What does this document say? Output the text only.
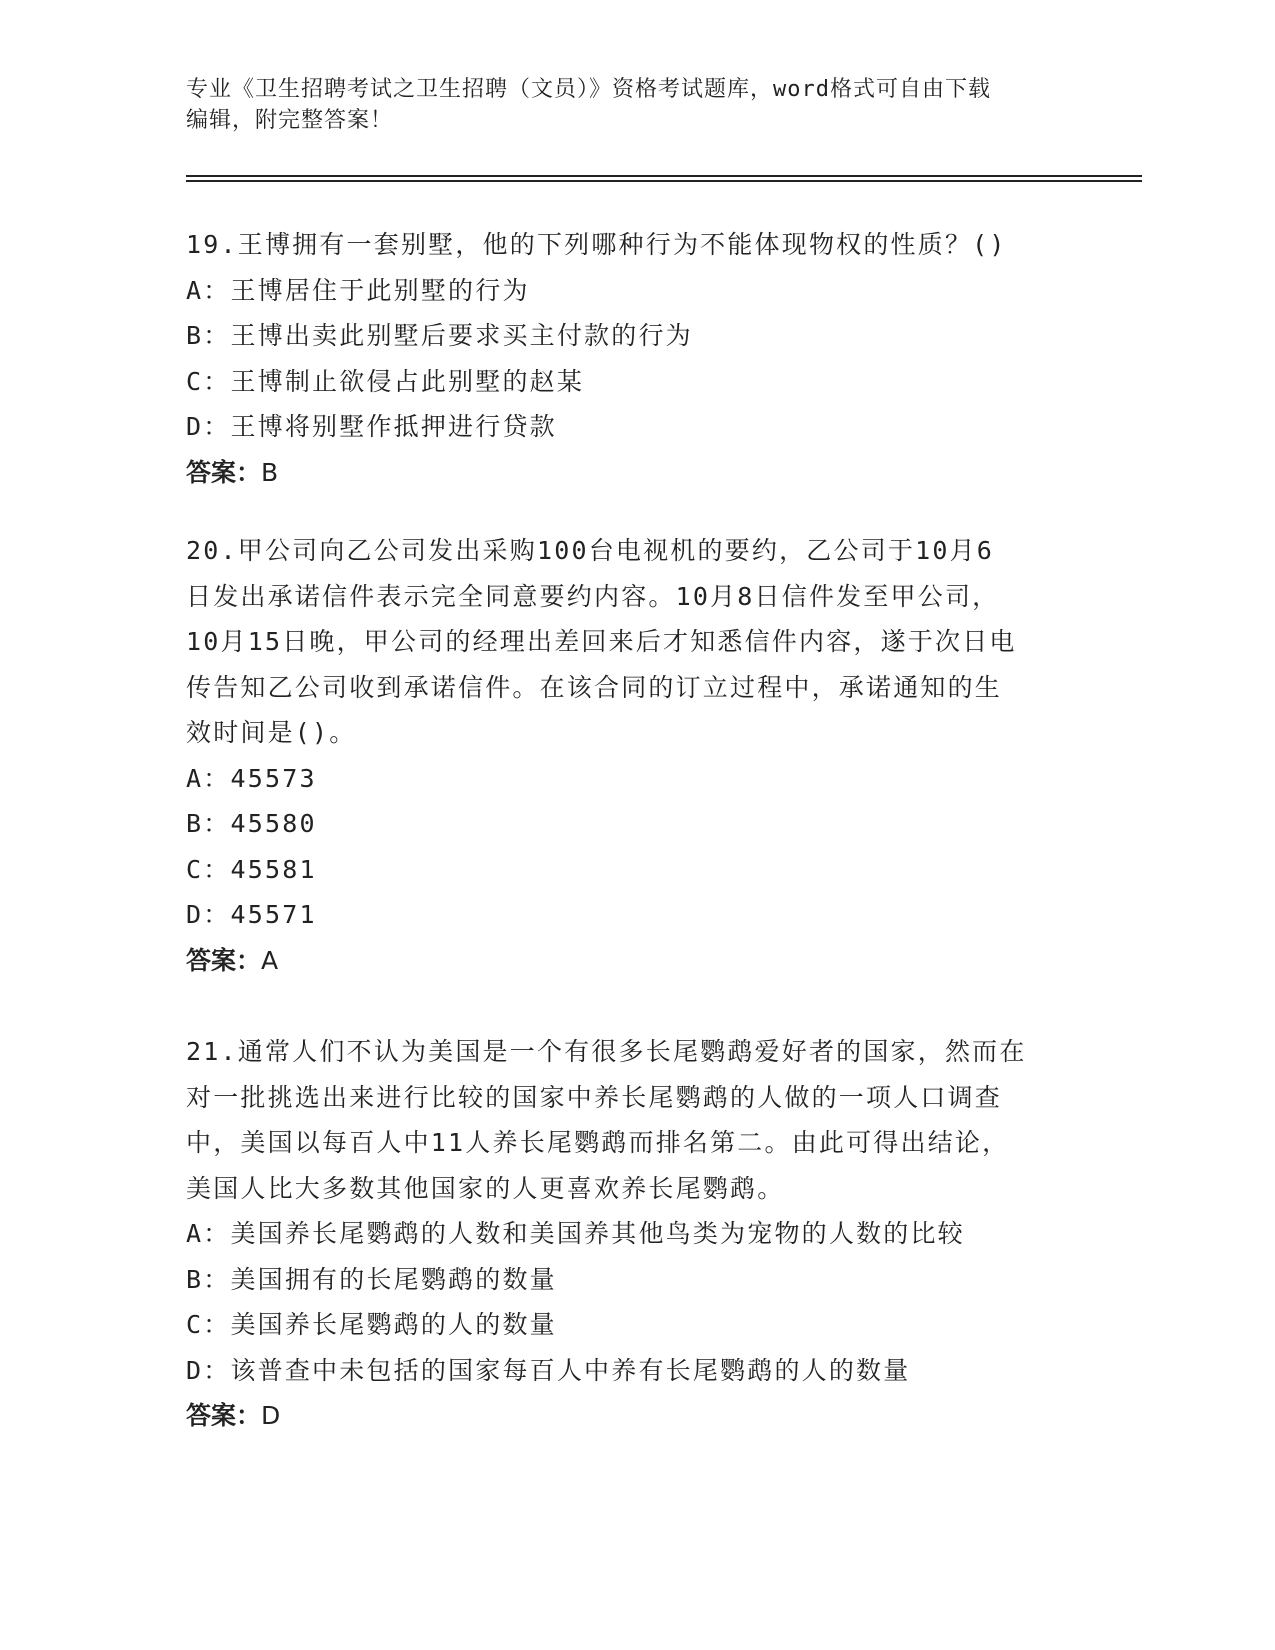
专业《卫生招聘考试之卫生招聘（文员）》资格考试题库，word格式可自由下载
编辑，附完整答案！
19.王博拥有一套别墅，他的下列哪种行为不能体现物权的性质？()
A：王博居住于此别墅的行为
B：王博出卖此别墅后要求买主付款的行为
C：王博制止欲侵占此别墅的赵某
D：王博将别墅作抵押进行贷款
答案：B
20.甲公司向乙公司发出采购100台电视机的要约，乙公司于10月6
日发出承诺信件表示完全同意要约内容。10月8日信件发至甲公司，
10月15日晚，甲公司的经理出差回来后才知悉信件内容，遂于次日电
传告知乙公司收到承诺信件。在该合同的订立过程中，承诺通知的生
效时间是()。
A：45573
B：45580
C：45581
D：45571
答案：A
21.通常人们不认为美国是一个有很多长尾鹦鹉爱好者的国家，然而在
对一批挑选出来进行比较的国家中养长尾鹦鹉的人做的一项人口调查
中，美国以每百人中11人养长尾鹦鹉而排名第二。由此可得出结论，
美国人比大多数其他国家的人更喜欢养长尾鹦鹉。
A：美国养长尾鹦鹉的人数和美国养其他鸟类为宠物的人数的比较
B：美国拥有的长尾鹦鹉的数量
C：美国养长尾鹦鹉的人的数量
D：该普查中未包括的国家每百人中养有长尾鹦鹉的人的数量
答案：D
